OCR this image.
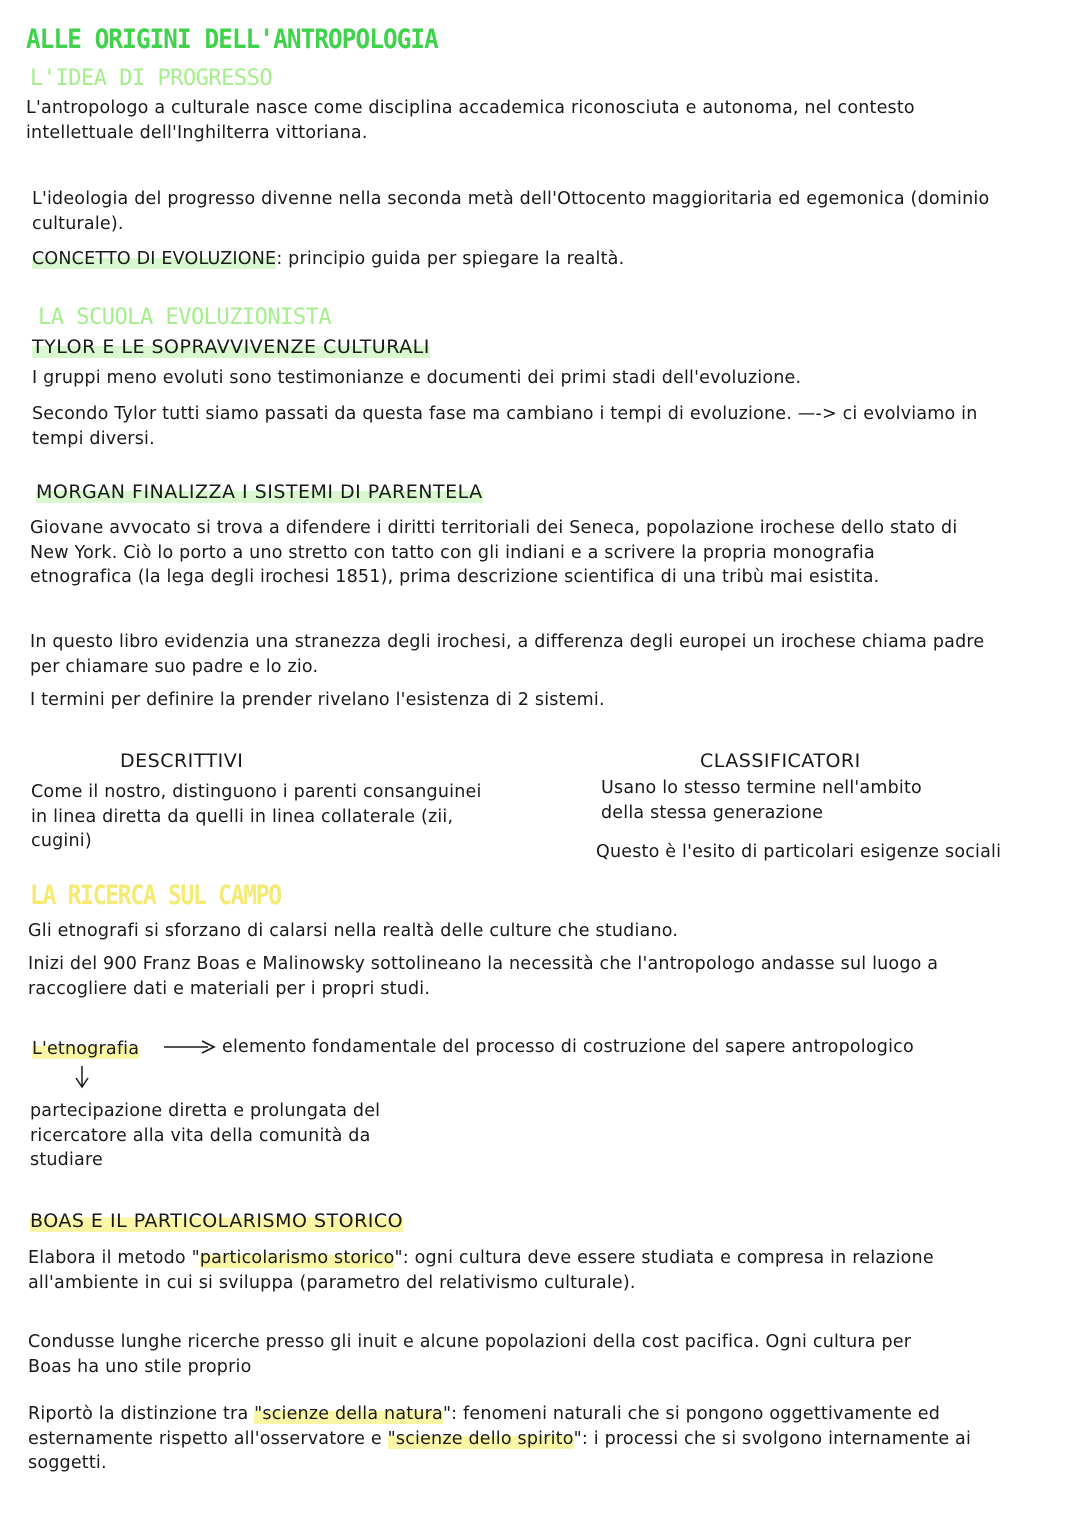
ALLE ORIGINI DELL'ANTROPOLOGIA
L'IDEA DI PROGRESSO
L'antropologo a culturale nasce come disciplina accademica riconosciuta e autonoma, nel contesto
intellettuale dell'Inghilterra vittoriana.
L'ideologia del progresso divenne nella seconda metà dell'Ottocento maggioritaria ed egemonica (dominio
culturale).
CONCETTO DI EVOLUZIONE: principio guida per spiegare la realtà.
LA SCUOLA EVOLUZIONISTA
TYLOR E LE SOPRAVVIVENZE CULTURALI
I gruppi meno evoluti sono testimonianze e documenti dei primi stadi dell'evoluzione.
Secondo Tylor tutti siamo passati da questa fase ma cambiano i tempi di evoluzione. —-> ci evolviamo in
tempi diversi.
MORGAN FINALIZZA I SISTEMI DI PARENTELA
Giovane avvocato si trova a difendere i diritti territoriali dei Seneca, popolazione irochese dello stato di
New York. Ciò lo porto a uno stretto con tatto con gli indiani e a scrivere la propria monografia
etnografica (la lega degli irochesi 1851), prima descrizione scientifica di una tribù mai esistita.
In questo libro evidenzia una stranezza degli irochesi, a differenza degli europei un irochese chiama padre
per chiamare suo padre e lo zio.
I termini per definire la prender rivelano l'esistenza di 2 sistemi.
DESCRITTIVI
Come il nostro, distinguono i parenti consanguinei
in linea diretta da quelli in linea collaterale (zii,
cugini)
CLASSIFICATORI
Usano lo stesso termine nell'ambito
della stessa generazione
Questo è l'esito di particolari esigenze sociali
LA RICERCA SUL CAMPO
Gli etnografi si sforzano di calarsi nella realtà delle culture che studiano.
Inizi del 900 Franz Boas e Malinowsky sottolineano la necessità che l'antropologo andasse sul luogo a
raccogliere dati e materiali per i propri studi.
L'etnografia	elemento fondamentale del processo di costruzione del sapere antropologico
partecipazione diretta e prolungata del
ricercatore alla vita della comunità da
studiare
BOAS E IL PARTICOLARISMO STORICO
Elabora il metodo "particolarismo storico": ogni cultura deve essere studiata e compresa in relazione
all'ambiente in cui si sviluppa (parametro del relativismo culturale).
Condusse lunghe ricerche presso gli inuit e alcune popolazioni della cost pacifica. Ogni cultura per
Boas ha uno stile proprio
Riportò la distinzione tra "scienze della natura": fenomeni naturali che si pongono oggettivamente ed
esternamente rispetto all'osservatore e "scienze dello spirito": i processi che si svolgono internamente ai
soggetti.
